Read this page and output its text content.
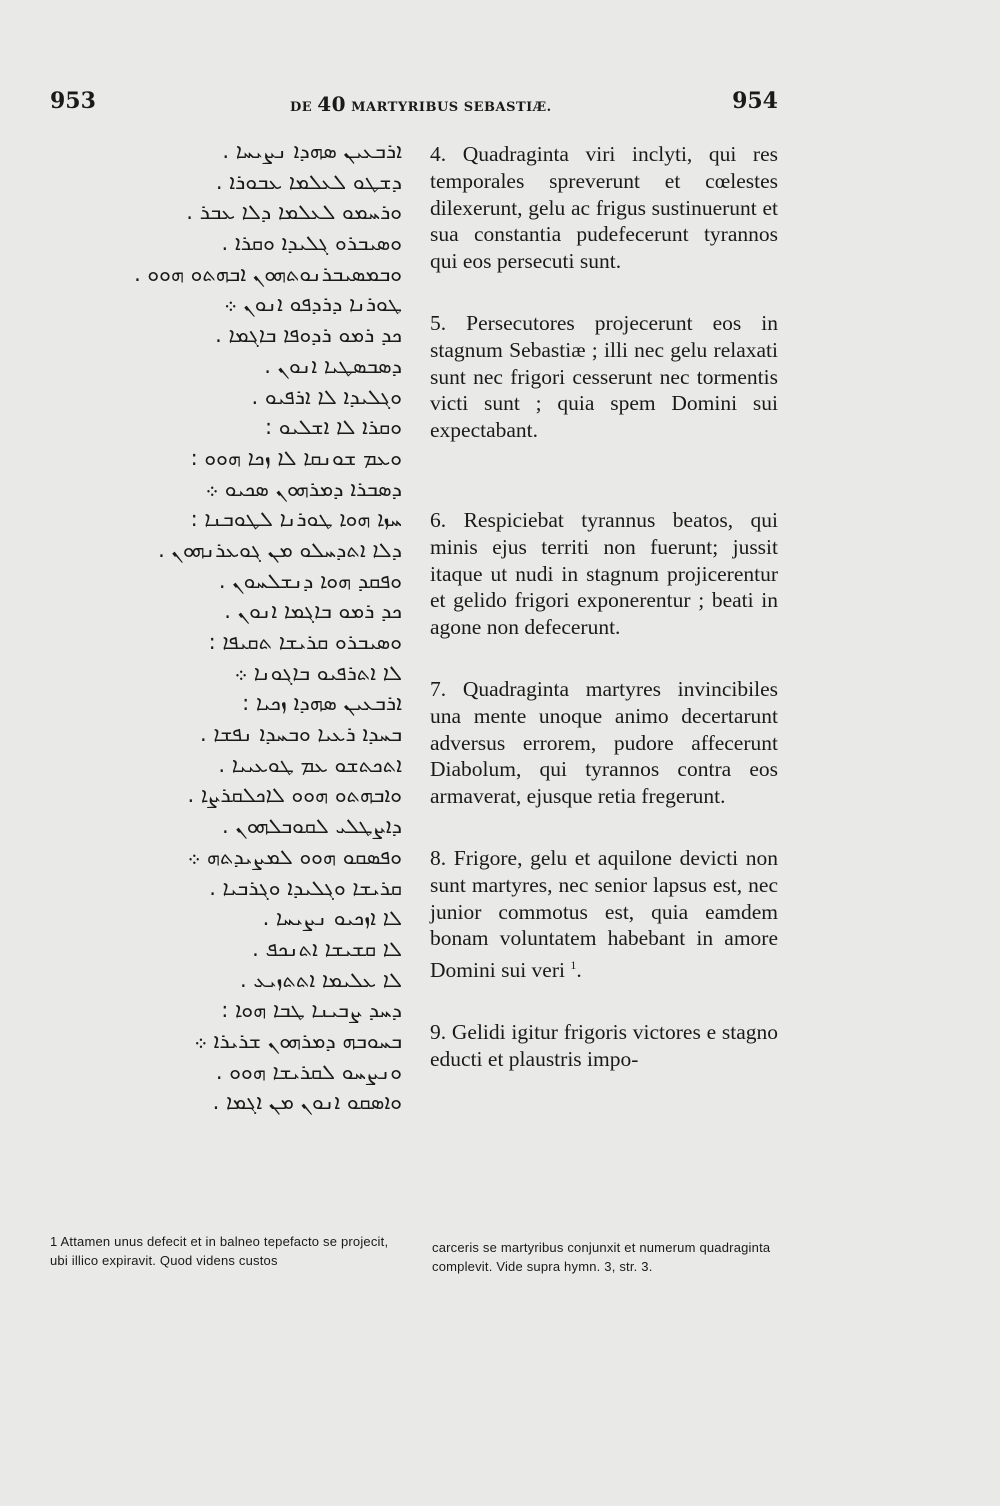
953	DE 40 MARTYRIBUS SEBASTIÆ.	954
ܐܪܒܥܝܢ ܣܗܕܐ ܢܨܝܚܐ .
ܕܫܛܘ ܠܥܠܡܐ ܥܒܘܪܐ .
ܘܪܚܡܘ ܠܥܠܡܐ ܕܠܐ ܥܒܪ .
ܘܣܝܒܪܘ ܓܠܝܕܐ ܘܩܪܐ .
ܘܒܡܣܝܒܪܢܘܬܗܘܢ ܐܒܗܬܘ ܗܘܘ .
ܛܘܪܢܐ ܕܪܕܦܘ ܐܢܘܢ ܀
ܟܕ ܪܡܘ ܪܕܘܦܐ ܒܐܓܡܐ .
ܕܣܒܣܛܝܐ ܐܢܘܢ .
ܘܓܠܝܕܐ ܠܐ ܐܪܦܝܘ .
ܘܩܪܐ ܠܐ ܐܫܠܝܘ :
ܘܥܡ ܫܘܢܩܐ ܠܐ ܙܟܐ ܗܘܘ :
ܕܣܒܪܐ ܕܡܪܗܘܢ ܣܟܝܘ ܀
ܚܙܐ ܗܘܐ ܛܘܪܢܐ ܠܛܘܒܢܐ :
ܕܠܐ ܐܬܕܚܠܘ ܡܢ ܓܘܥܪܢܗܘܢ .
ܘܦܩܕ ܗܘܐ ܕܢܫܠܚܘܢ .
ܟܕ ܪܡܘ ܒܐܓܡܐ ܐܢܘܢ .
ܘܣܝܒܪܘ ܩܪܝܫܐ ܬܩܝܦܐ :
ܠܐ ܐܬܪܦܝܘ ܒܐܓܘܢܐ ܀
ܐܪܒܥܝܢ ܣܗܕܐ ܙܟܝܐ :
ܒܚܕܐ ܪܥܝܐ ܘܒܚܕܐ ܢܦܫܐ .
ܐܬܟܬܫܘ ܥܡ ܛܘܥܝܝܐ .
ܘܐܒܗܬܘ ܗܘܘ ܠܐܟܠܩܪܨܐ .
ܕܐܨܛܠܝ ܠܩܘܒܠܗܘܢ .
ܘܦܣܩܘ ܗܘܘ ܠܡܨܝܕܬܗ ܀
ܩܪܝܫܐ ܘܓܠܝܕܐ ܘܓܪܒܝܐ .
ܠܐ ܐܙܟܝܘ ܢܨܝܚܐ .
ܠܐ ܩܫܝܫܐ ܐܬܢܟܦ .
ܠܐ ܥܠܝܡܐ ܐܬܬܙܝܥ .
ܕܚܕ ܨܒܝܢܐ ܛܒܐ ܗܘܐ :
ܒܚܘܒܗ ܕܡܪܗܘܢ ܫܪܝܪܐ ܀
ܘܢܨܚܘ ܠܩܪܝܫܐ ܗܘܘ .
ܘܐܣܩܘ ܐܢܘܢ ܡܢ ܐܓܡܐ .

4. Quadraginta viri inclyti, qui res temporales spreverunt et cœlestes dilexerunt, gelu ac frigus sustinuerunt et sua constantia pudefecerunt tyrannos qui eos persecuti sunt.

5. Persecutores projecerunt eos in stagnum Sebastiæ ; illi nec gelu relaxati sunt nec frigori cesserunt nec tormentis victi sunt ; quia spem Domini sui expectabant.

6. Respiciebat tyrannus beatos, qui minis ejus territi non fuerunt; jussit itaque ut nudi in stagnum projicerentur et gelido frigori exponerentur ; beati in agone non defecerunt.

7. Quadraginta martyres invincibiles una mente unoque animo decertarunt adversus errorem, pudore affecerunt Diabolum, qui tyrannos contra eos armaverat, ejusque retia fregerunt.

8. Frigore, gelu et aquilone devicti non sunt martyres, nec senior lapsus est, nec junior commotus est, quia eamdem bonam voluntatem habebant in amore Domini sui veri $^1$.

9. Gelidi igitur frigoris victores e stagno educti et plaustris impo-

1 Attamen unus defecit et in balneo tepefacto se projecit, ubi illico expiravit. Quod videns custos
carceris se martyribus conjunxit et numerum quadraginta complevit. Vide supra hymn. 3, str. 3.
